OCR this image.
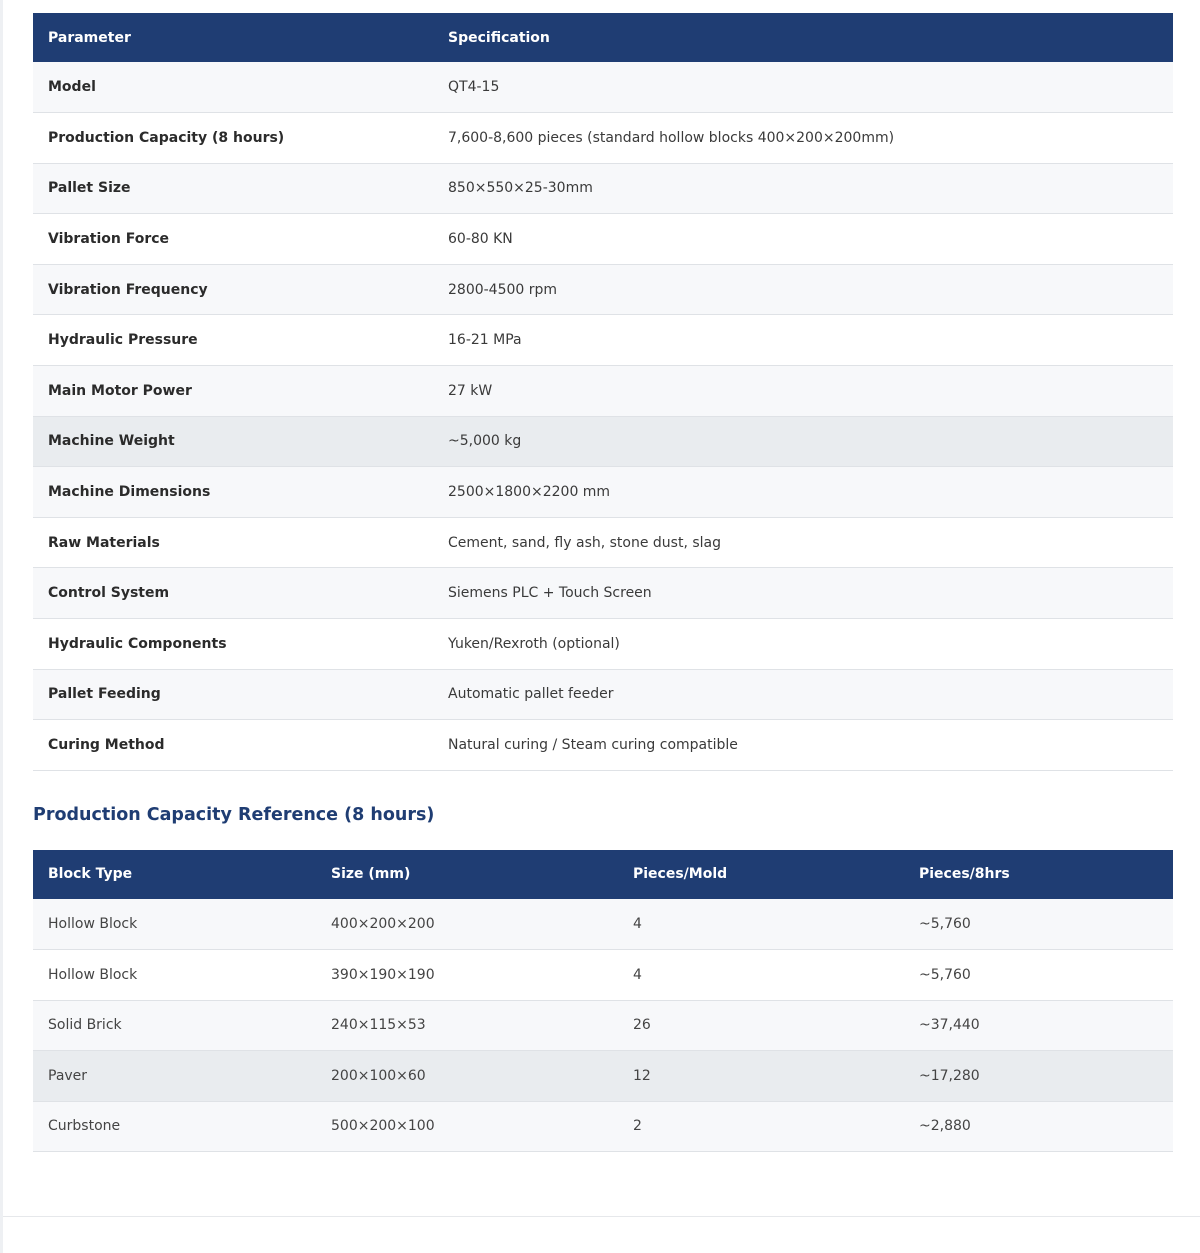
Parameter	Specification
Model	QT4-15
Production Capacity (8 hours)	7,600-8,600 pieces (standard hollow blocks 400×200×200mm)
Pallet Size	850×550×25-30mm
Vibration Force	60-80 KN
Vibration Frequency	2800-4500 rpm
Hydraulic Pressure	16-21 MPa
Main Motor Power	27 kW
Machine Weight	~5,000 kg
Machine Dimensions	2500×1800×2200 mm
Raw Materials	Cement, sand, fly ash, stone dust, slag
Control System	Siemens PLC + Touch Screen
Hydraulic Components	Yuken/Rexroth (optional)
Pallet Feeding	Automatic pallet feeder
Curing Method	Natural curing / Steam curing compatible
Production Capacity Reference (8 hours)
Block Type	Size (mm)	Pieces/Mold	Pieces/8hrs
Hollow Block	400×200×200	4	~5,760
Hollow Block	390×190×190	4	~5,760
Solid Brick	240×115×53	26	~37,440
Paver	200×100×60	12	~17,280
Curbstone	500×200×100	2	~2,880
